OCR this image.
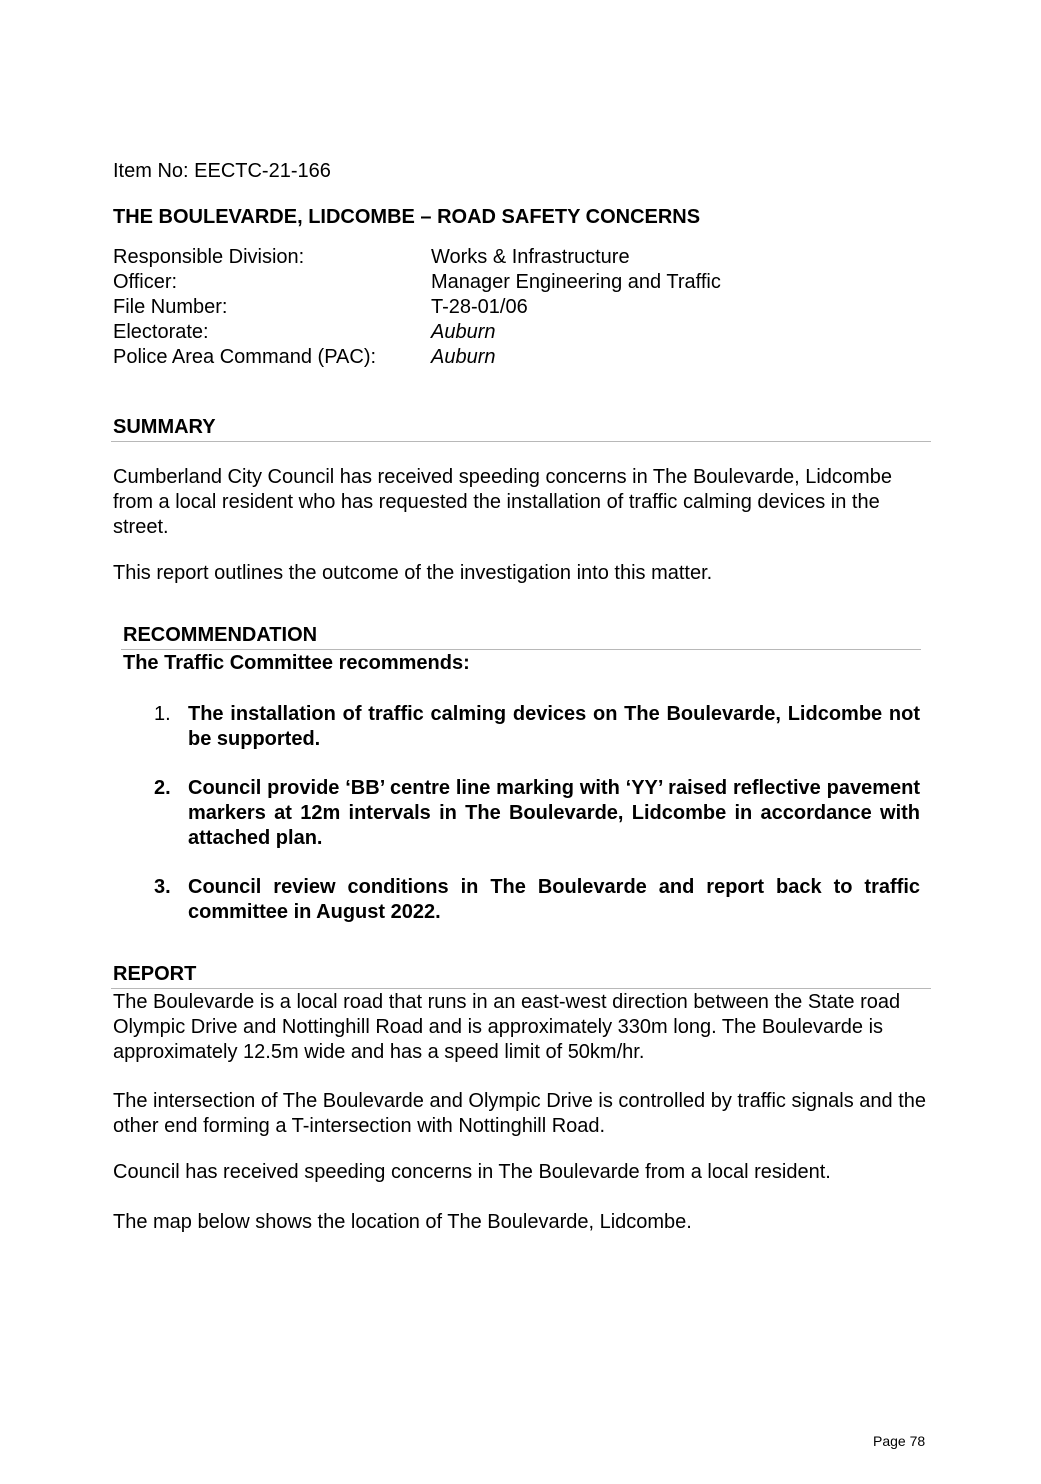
Item No: EECTC-21-166
THE BOULEVARDE, LIDCOMBE – ROAD SAFETY CONCERNS
Responsible Division:	Works & Infrastructure
Officer:	Manager Engineering and Traffic
File Number:	T-28-01/06
Electorate:	Auburn
Police Area Command (PAC):	Auburn
SUMMARY
Cumberland City Council has received speeding concerns in The Boulevarde, Lidcombe from a local resident who has requested the installation of traffic calming devices in the street.
This report outlines the outcome of the investigation into this matter.
RECOMMENDATION
The Traffic Committee recommends:
1. The installation of traffic calming devices on The Boulevarde, Lidcombe not be supported.
2. Council provide ‘BB’ centre line marking with ‘YY’ raised reflective pavement markers at 12m intervals in The Boulevarde, Lidcombe in accordance with attached plan.
3. Council review conditions in The Boulevarde and report back to traffic committee in August 2022.
REPORT
The Boulevarde is a local road that runs in an east-west direction between the State road Olympic Drive and Nottinghill Road and is approximately 330m long. The Boulevarde is approximately 12.5m wide and has a speed limit of 50km/hr.
The intersection of The Boulevarde and Olympic Drive is controlled by traffic signals and the other end forming a T-intersection with Nottinghill Road.
Council has received speeding concerns in The Boulevarde from a local resident.
The map below shows the location of The Boulevarde, Lidcombe.
Page 78
